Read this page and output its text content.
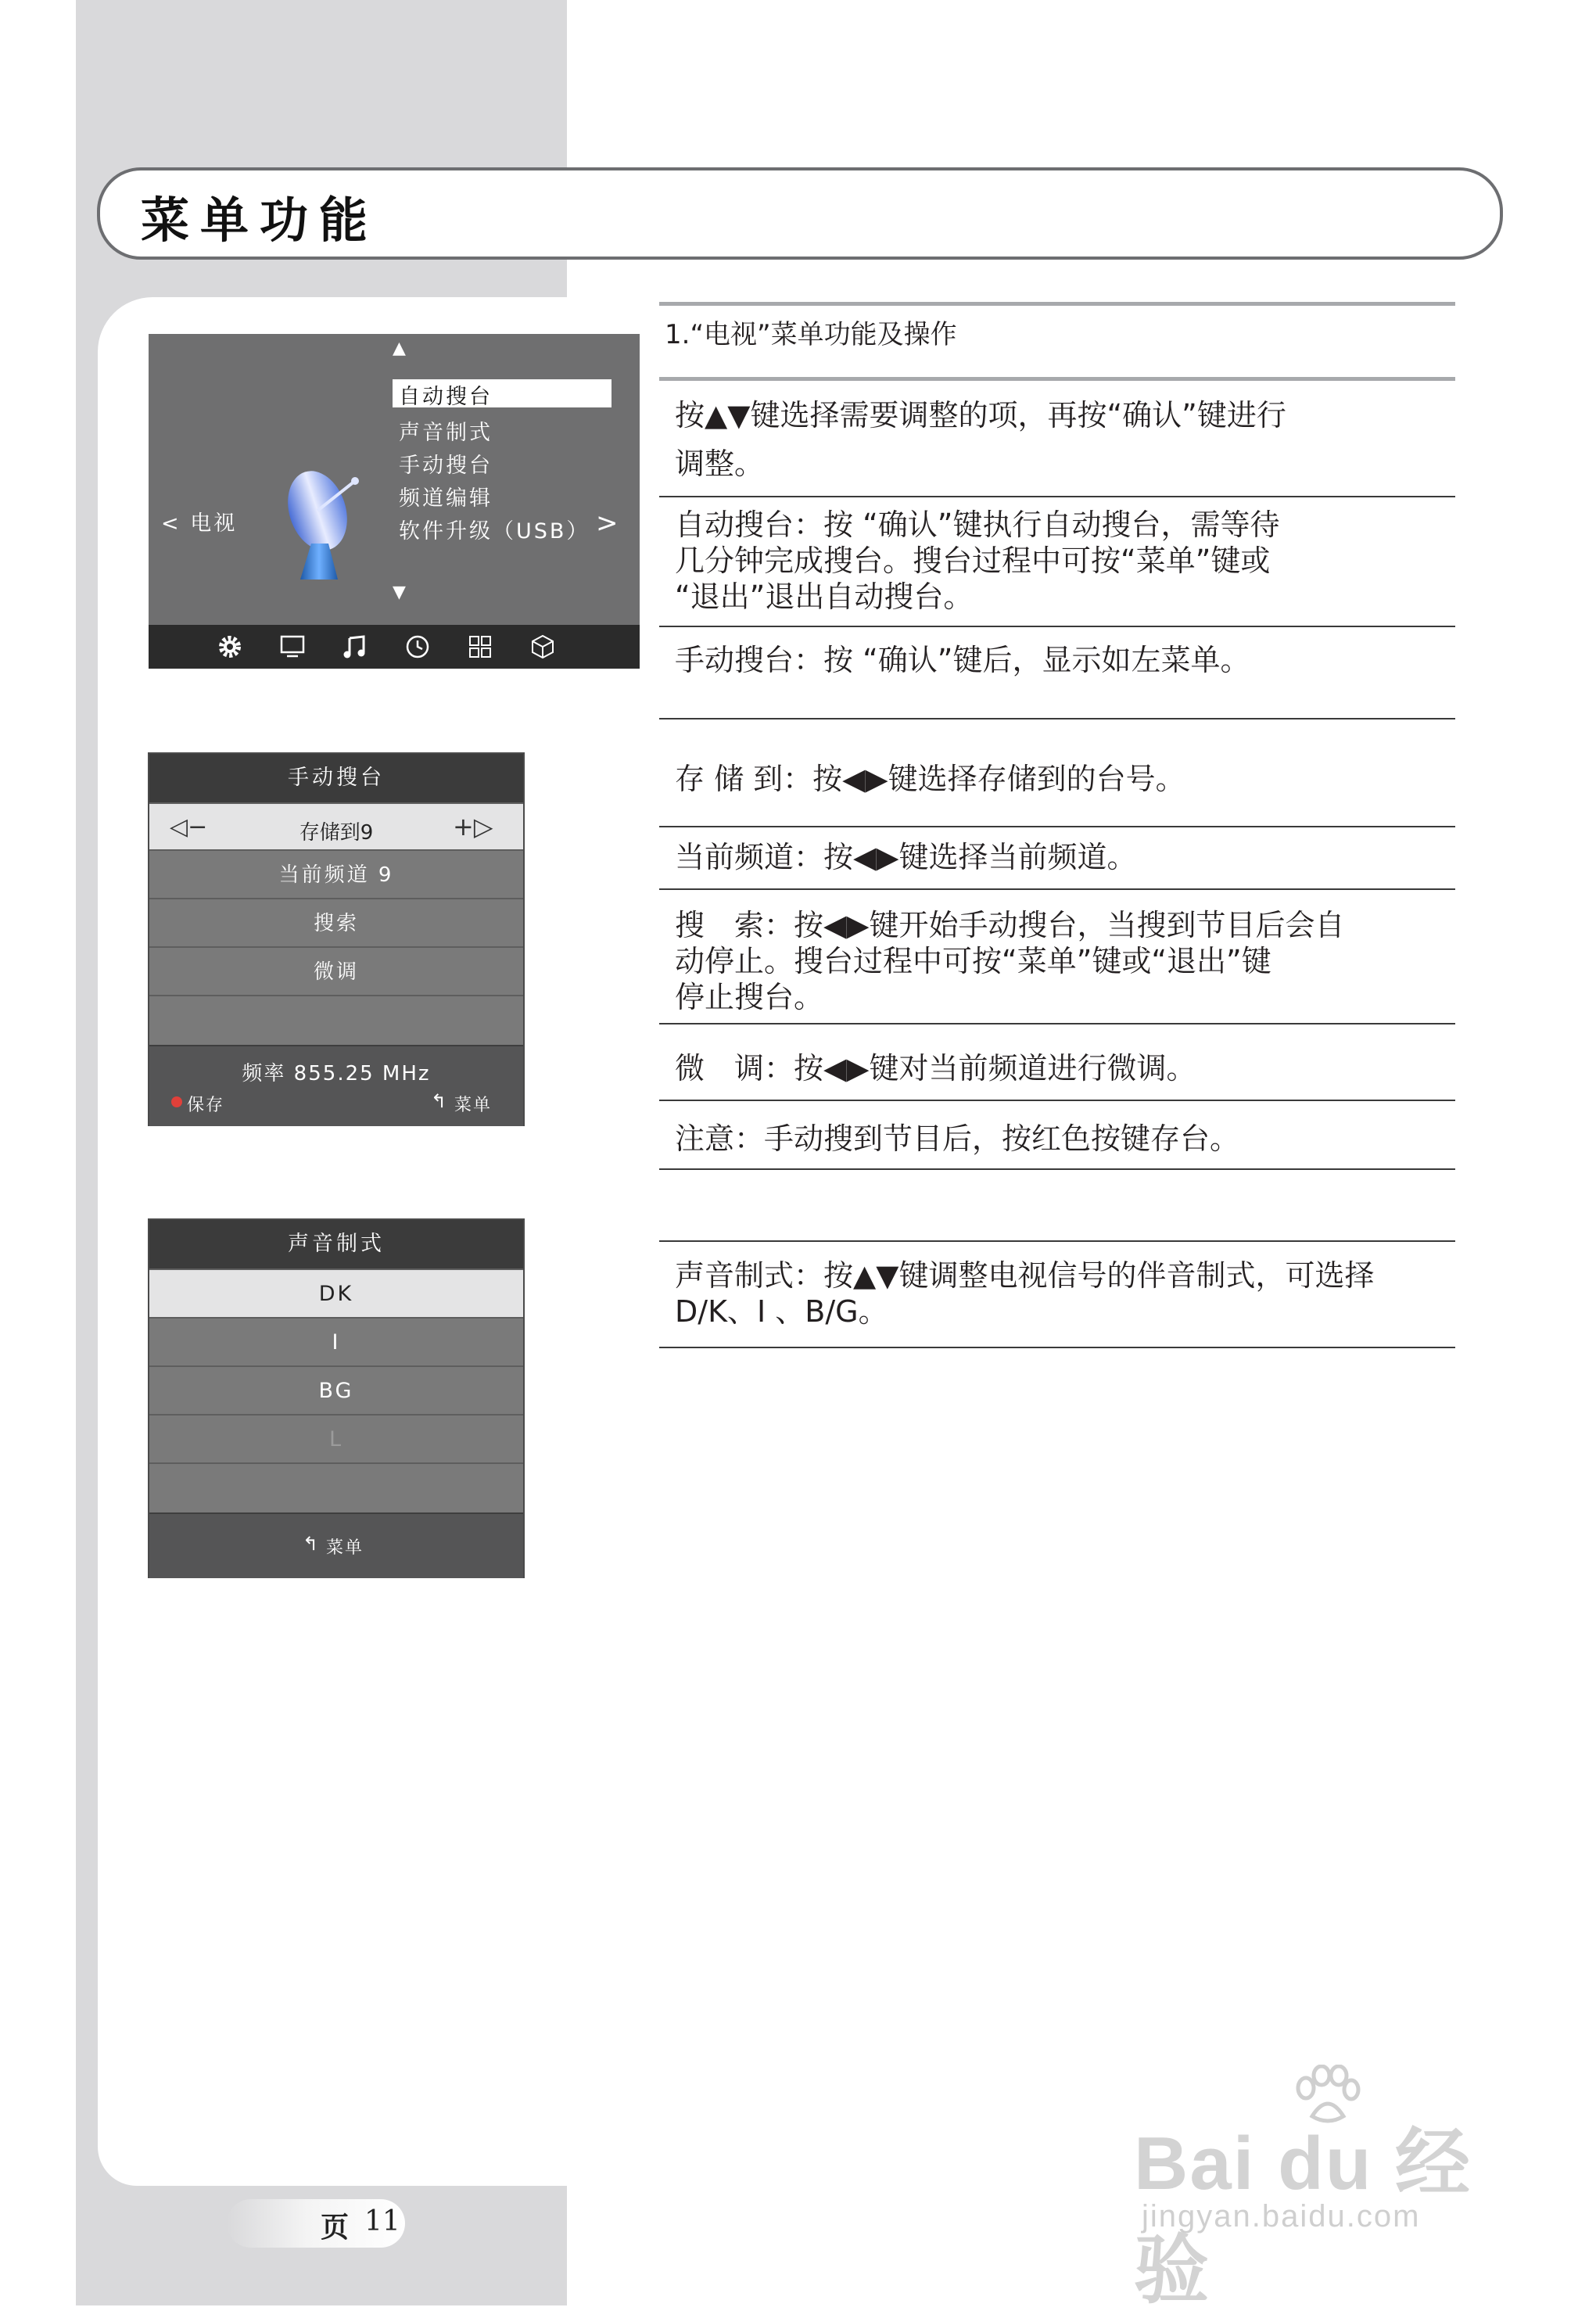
菜单功能
▲
自动搜台
声音制式
手动搜台
频道编辑
软件升级（USB） >
< 电视
▼
手动搜台
◁−	存储到9	+▷
当前频道 9
搜索
微调
频率 855.25 MHz
保存	↰ 菜单
声音制式
DK
I
BG
L
↰ 菜单
1.“电视”菜单功能及操作
按▲▼键选择需要调整的项，再按“确认”键进行
调整。
自动搜台：按 “确认”键执行自动搜台，需等待
几分钟完成搜台。搜台过程中可按“菜单”键或
“退出”退出自动搜台。
手动搜台：按 “确认”键后，显示如左菜单。
存 储 到：按◀▶键选择存储到的台号。
当前频道：按◀▶键选择当前频道。
搜　索：按◀▶键开始手动搜台，当搜到节目后会自
动停止。搜台过程中可按“菜单”键或“退出”键
停止搜台。
微　调：按◀▶键对当前频道进行微调。
注意：手动搜到节目后，按红色按键存台。
声音制式：按▲▼键调整电视信号的伴音制式，可选择
D/K、I 、B/G。
页 11
Bai du 经验
jingyan.baidu.com
